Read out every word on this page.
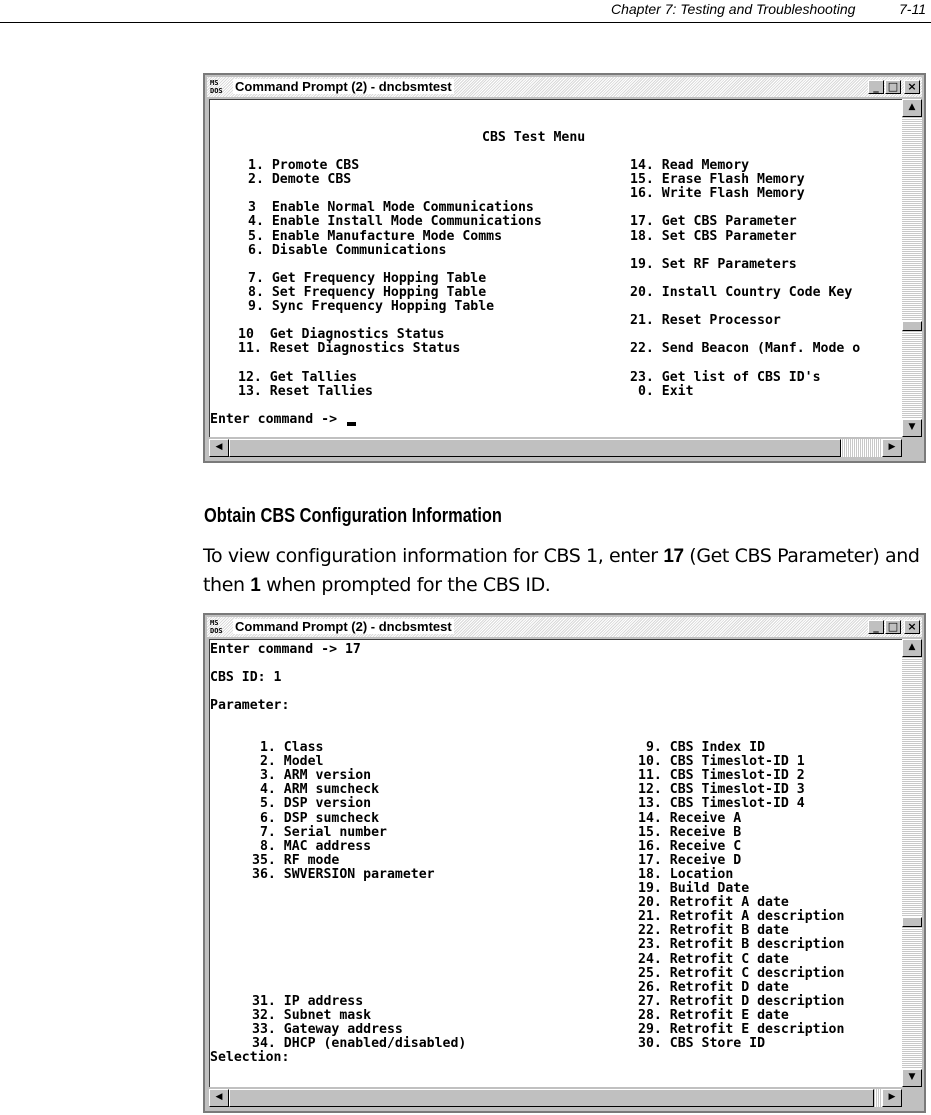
Chapter 7: Testing and Troubleshooting	7-11
MS DOS Command Prompt (2) - dncbsmtest	_ □ ×
CBS Test Menu
1. Promote CBS
2. Demote CBS
3  Enable Normal Mode Communications
4. Enable Install Mode Communications
5. Enable Manufacture Mode Comms
6. Disable Communications
7. Get Frequency Hopping Table
8. Set Frequency Hopping Table
9. Sync Frequency Hopping Table
10  Get Diagnostics Status
11. Reset Diagnostics Status
12. Get Tallies
13. Reset Tallies
14. Read Memory
15. Erase Flash Memory
16. Write Flash Memory
17. Get CBS Parameter
18. Set CBS Parameter
19. Set RF Parameters
20. Install Country Code Key
21. Reset Processor
22. Send Beacon (Manf. Mode o
23. Get list of CBS ID's
0. Exit
Enter command ->
▲
▼
◀	▶
Obtain CBS Configuration Information

To view configuration information for CBS 1, enter 17 (Get CBS Parameter) and then 1 when prompted for the CBS ID.

MS DOS Command Prompt (2) - dncbsmtest	_ □ ×
Enter command -> 17
CBS ID: 1
Parameter:
1. Class
2. Model
3. ARM version
4. ARM sumcheck
5. DSP version
6. DSP sumcheck
7. Serial number
8. MAC address
35. RF mode
36. SWVERSION parameter
31. IP address
32. Subnet mask
33. Gateway address
34. DHCP (enabled/disabled)
9. CBS Index ID
10. CBS Timeslot-ID 1
11. CBS Timeslot-ID 2
12. CBS Timeslot-ID 3
13. CBS Timeslot-ID 4
14. Receive A
15. Receive B
16. Receive C
17. Receive D
18. Location
19. Build Date
20. Retrofit A date
21. Retrofit A description
22. Retrofit B date
23. Retrofit B description
24. Retrofit C date
25. Retrofit C description
26. Retrofit D date
27. Retrofit D description
28. Retrofit E date
29. Retrofit E description
30. CBS Store ID
Selection:
▲
▼
◀	▶
